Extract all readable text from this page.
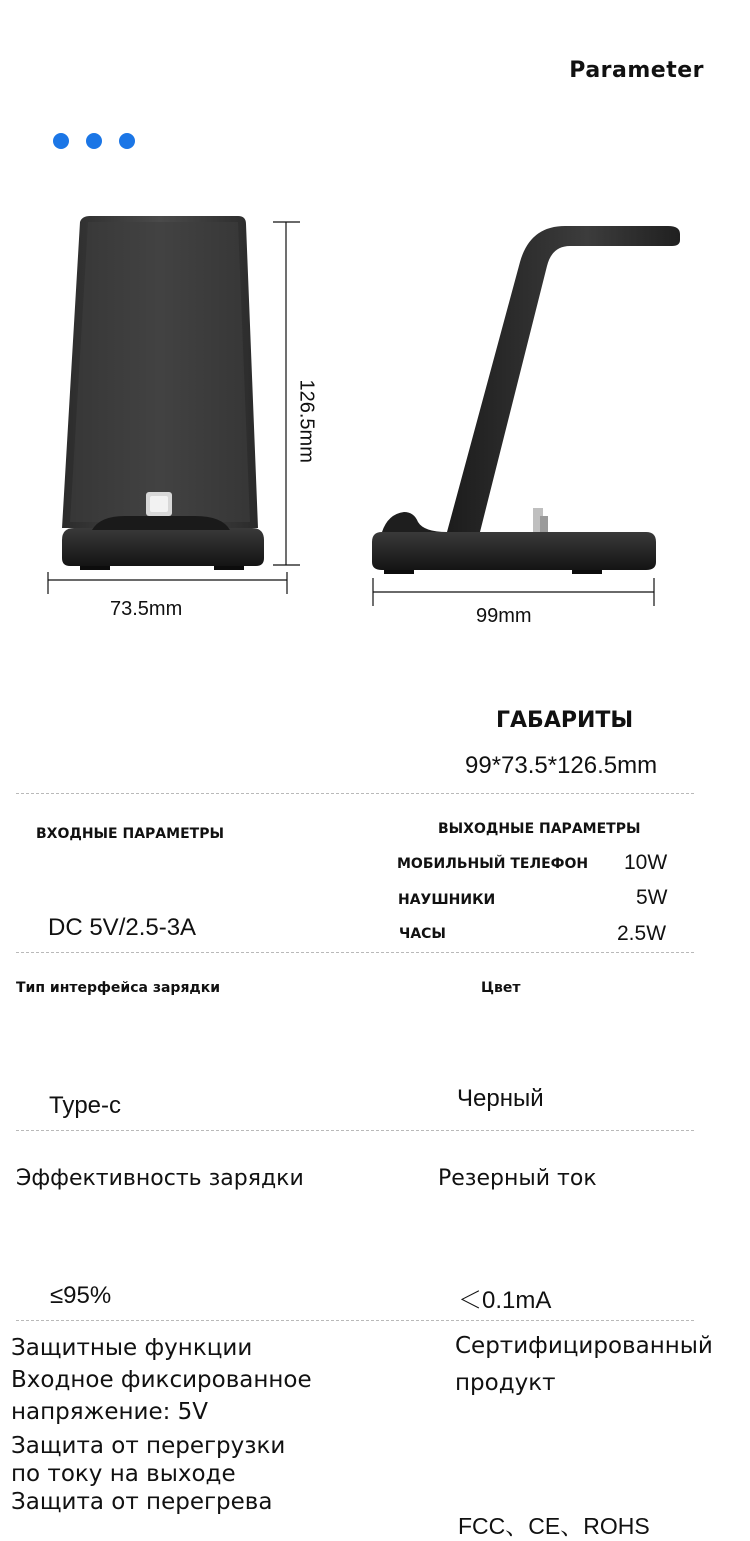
Parameter
73.5mm	99mm
126.5mm
ГАБАРИТЫ
99*73.5*126.5mm
ВХОДНЫЕ ПАРАМЕТРЫ
DC 5V/2.5-3A
ВЫХОДНЫЕ ПАРАМЕТРЫ
МОБИЛЬНЫЙ ТЕЛЕФОН 10W
НАУШНИКИ	5W
ЧАСЫ	2.5W
Тип интерфейса зарядки	Цвет
Type-c	Черный
Эффективность зарядки	Резерный ток
≤95%	＜0.1mA
Защитные функции
Входное фиксированное
напряжение: 5V
Защита от перегрузки
по току на выходе
Защита от перегрева
Сертифицированный
продукт
FCC、CE、ROHS
